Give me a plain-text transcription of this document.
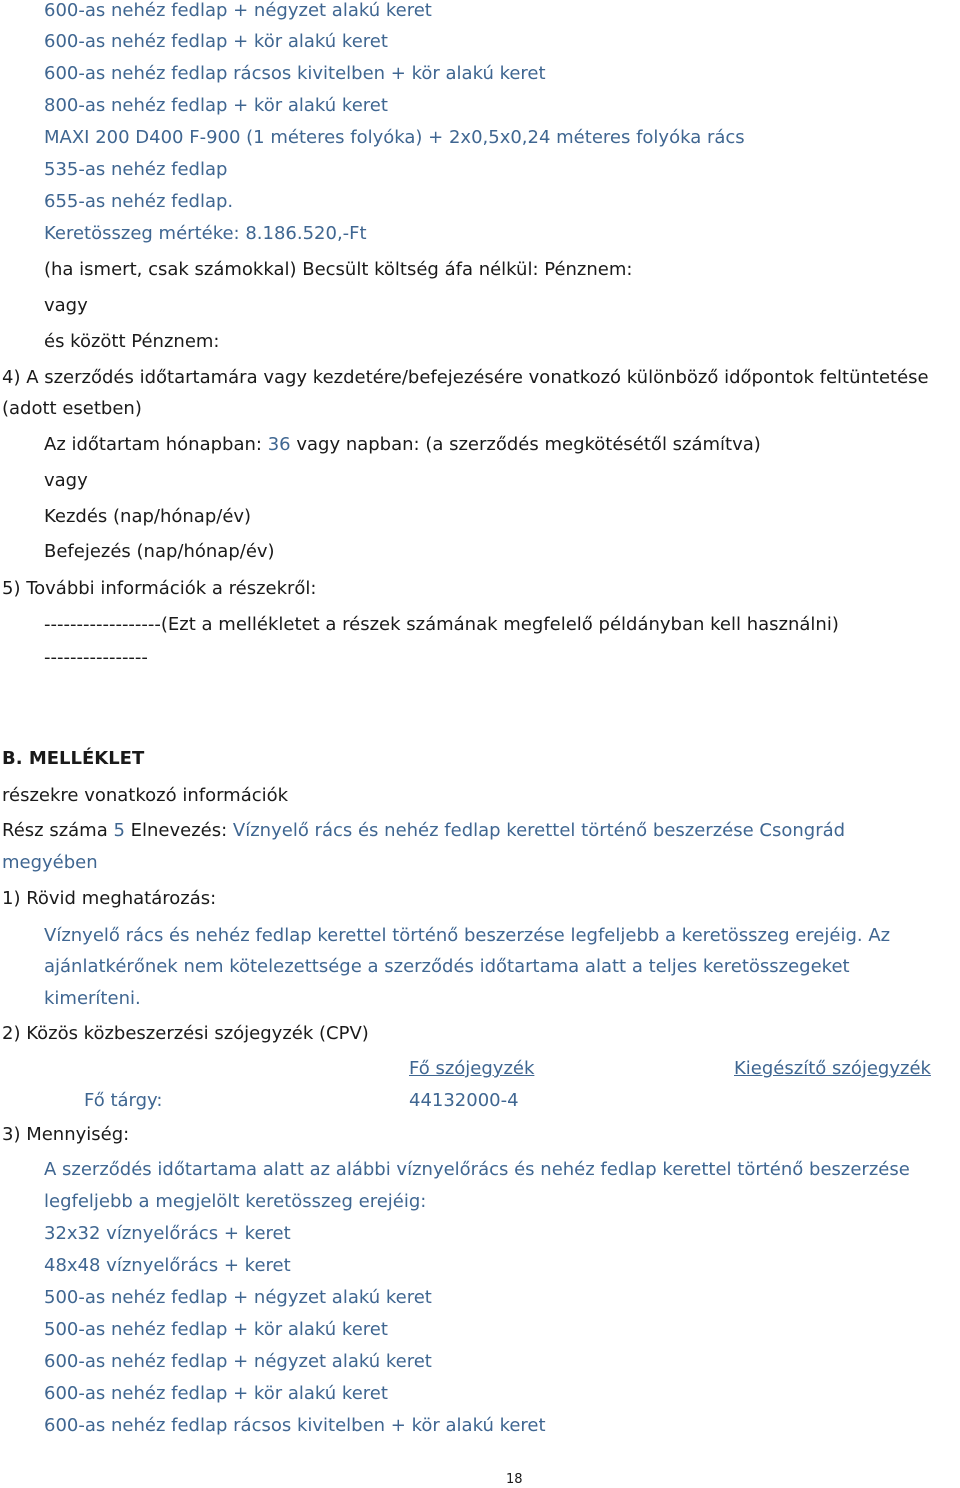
600-as nehéz fedlap + négyzet alakú keret
600-as nehéz fedlap + kör alakú keret
600-as nehéz fedlap rácsos kivitelben + kör alakú keret
800-as nehéz fedlap + kör alakú keret
MAXI 200 D400 F-900 (1 méteres folyóka) + 2x0,5x0,24 méteres folyóka rács
535-as nehéz fedlap
655-as nehéz fedlap.
Keretösszeg mértéke: 8.186.520,-Ft
(ha ismert, csak számokkal) Becsült költség áfa nélkül: Pénznem:
vagy
és között Pénznem:
4) A szerződés időtartamára vagy kezdetére/befejezésére vonatkozó különböző időpontok feltüntetése
(adott esetben)
Az időtartam hónapban: 36 vagy napban: (a szerződés megkötésétől számítva)
vagy
Kezdés (nap/hónap/év)
Befejezés (nap/hónap/év)
5) További információk a részekről:
------------------(Ezt a mellékletet a részek számának megfelelő példányban kell használni)
----------------
B. MELLÉKLET
részekre vonatkozó információk
Rész száma 5 Elnevezés: Víznyelő rács és nehéz fedlap kerettel történő beszerzése Csongrád
megyében
1) Rövid meghatározás:
Víznyelő rács és nehéz fedlap kerettel történő beszerzése legfeljebb a keretösszeg erejéig. Az
ajánlatkérőnek nem kötelezettsége a szerződés időtartama alatt a teljes keretösszegeket
kimeríteni.
2) Közös közbeszerzési szójegyzék (CPV)
Fő szójegyzék	Kiegészítő szójegyzék
Fő tárgy:	44132000-4
3) Mennyiség:
A szerződés időtartama alatt az alábbi víznyelőrács és nehéz fedlap kerettel történő beszerzése
legfeljebb a megjelölt keretösszeg erejéig:
32x32 víznyelőrács + keret
48x48 víznyelőrács + keret
500-as nehéz fedlap + négyzet alakú keret
500-as nehéz fedlap + kör alakú keret
600-as nehéz fedlap + négyzet alakú keret
600-as nehéz fedlap + kör alakú keret
600-as nehéz fedlap rácsos kivitelben + kör alakú keret
18
